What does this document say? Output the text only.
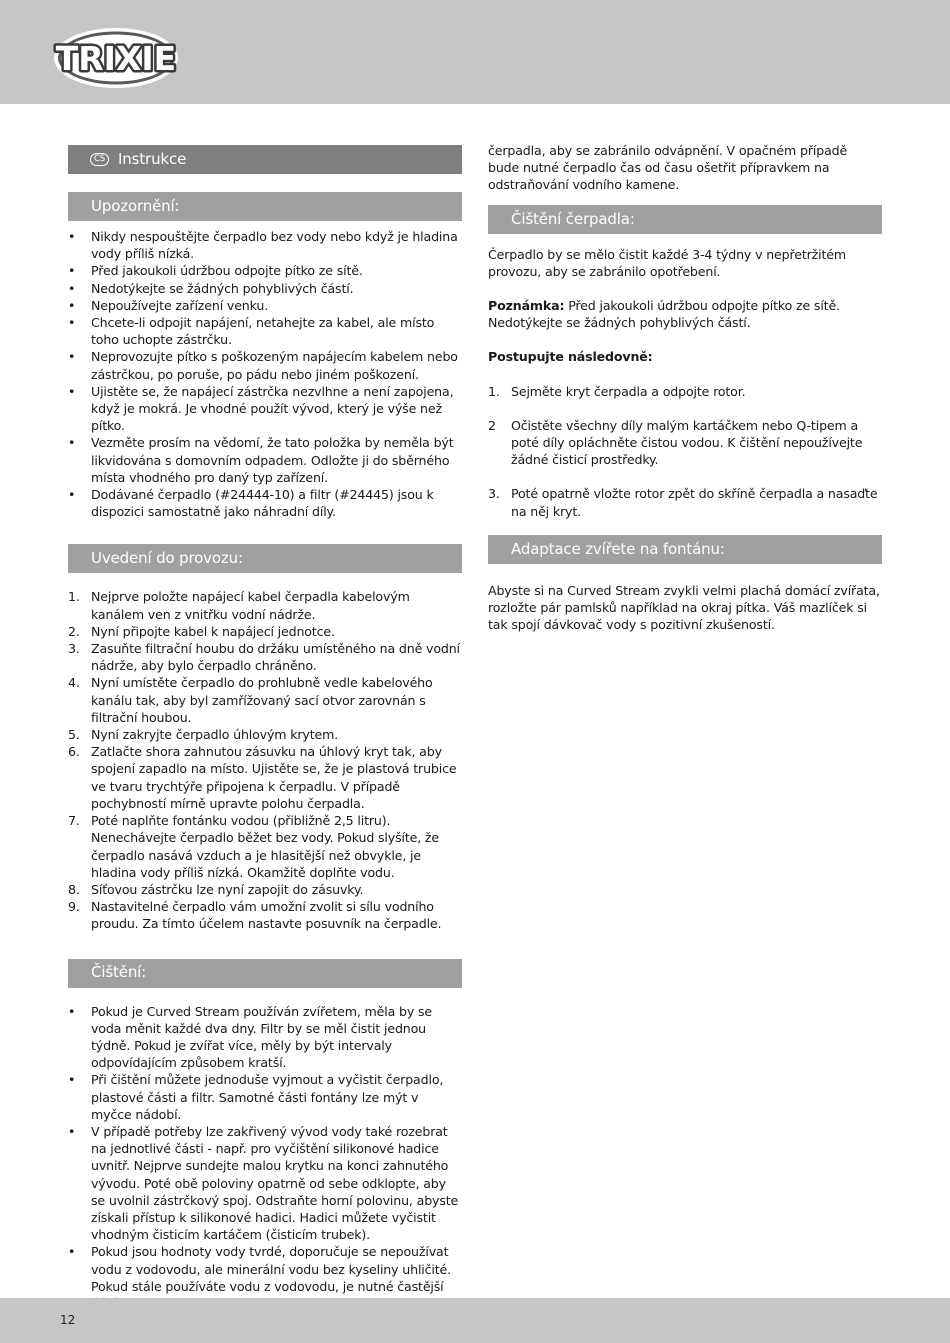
TRIXIE
CS Instrukce
Upozornění:
• Nikdy nespouštějte čerpadlo bez vody nebo když je hladina vody příliš nízká.
• Před jakoukoli údržbou odpojte pítko ze sítě.
• Nedotýkejte se žádných pohyblivých částí.
• Nepoužívejte zařízení venku.
• Chcete-li odpojit napájení, netahejte za kabel, ale místo toho uchopte zástrčku.
• Neprovozujte pítko s poškozeným napájecím kabelem nebo zástrčkou, po poruše, po pádu nebo jiném poškození.
• Ujistěte se, že napájecí zástrčka nezvlhne a není zapojena, když je mokrá. Je vhodné použít vývod, který je výše než pítko.
• Vezměte prosím na vědomí, že tato položka by neměla být likvidována s domovním odpadem. Odložte ji do sběrného místa vhodného pro daný typ zařízení.
• Dodávané čerpadlo (#24444-10) a filtr (#24445) jsou k dispozici samostatně jako náhradní díly.
Uvedení do provozu:
1. Nejprve položte napájecí kabel čerpadla kabelovým kanálem ven z vnitřku vodní nádrže.
2. Nyní připojte kabel k napájecí jednotce.
3. Zasuňte filtrační houbu do držáku umístěného na dně vodní nádrže, aby bylo čerpadlo chráněno.
4. Nyní umístěte čerpadlo do prohlubně vedle kabelového kanálu tak, aby byl zamřížovaný sací otvor zarovnán s filtrační houbou.
5. Nyní zakryjte čerpadlo úhlovým krytem.
6. Zatlačte shora zahnutou zásuvku na úhlový kryt tak, aby spojení zapadlo na místo. Ujistěte se, že je plastová trubice ve tvaru trychtýře připojena k čerpadlu. V případě pochybností mírně upravte polohu čerpadla.
7. Poté naplňte fontánku vodou (přibližně 2,5 litru). Nenechávejte čerpadlo běžet bez vody. Pokud slyšíte, že čerpadlo nasává vzduch a je hlasitější než obvykle, je hladina vody příliš nízká. Okamžitě doplňte vodu.
8. Síťovou zástrčku lze nyní zapojit do zásuvky.
9. Nastavitelné čerpadlo vám umožní zvolit si sílu vodního proudu. Za tímto účelem nastavte posuvník na čerpadle.
Čištění:
• Pokud je Curved Stream používán zvířetem, měla by se voda měnit každé dva dny. Filtr by se měl čistit jednou týdně. Pokud je zvířat více, měly by být intervaly odpovídajícím způsobem kratší.
• Při čištění můžete jednoduše vyjmout a vyčistit čerpadlo, plastové části a filtr. Samotné části fontány lze mýt v myčce nádobí.
• V případě potřeby lze zakřivený vývod vody také rozebrat na jednotlivé části - např. pro vyčištění silikonové hadice uvnitř. Nejprve sundejte malou krytku na konci zahnutého vývodu. Poté obě poloviny opatrně od sebe odklopte, aby se uvolnil zástrčkový spoj. Odstraňte horní polovinu, abyste získali přístup k silikonové hadici. Hadici můžete vyčistit vhodným čisticím kartáčem (čisticím trubek).
• Pokud jsou hodnoty vody tvrdé, doporučuje se nepoužívat vodu z vodovodu, ale minerální vodu bez kyseliny uhličité. Pokud stále používáte vodu z vodovodu, je nutné častější

čerpadla, aby se zabránilo odvápnění. V opačném případě bude nutné čerpadlo čas od času ošetřit přípravkem na odstraňování vodního kamene.

Čištění čerpadla:

Čerpadlo by se mělo čistit každé 3-4 týdny v nepřetržitém provozu, aby se zabránilo opotřebení.

Poznámka: Před jakoukoli údržbou odpojte pítko ze sítě. Nedotýkejte se žádných pohyblivých částí.

Postupujte následovně:

1. Sejměte kryt čerpadla a odpojte rotor.
2	Očistěte všechny díly malým kartáčkem nebo Q-tipem a poté díly opláchněte čistou vodou. K čištění nepoužívejte žádné čisticí prostředky.
3. Poté opatrně vložte rotor zpět do skříně čerpadla a nasaďte na něj kryt.
Adaptace zvířete na fontánu:

Abyste si na Curved Stream zvykli velmi plachá domácí zvířata, rozložte pár pamlsků například na okraj pítka. Váš mazlíček si tak spojí dávkovač vody s pozitivní zkušeností.

12
